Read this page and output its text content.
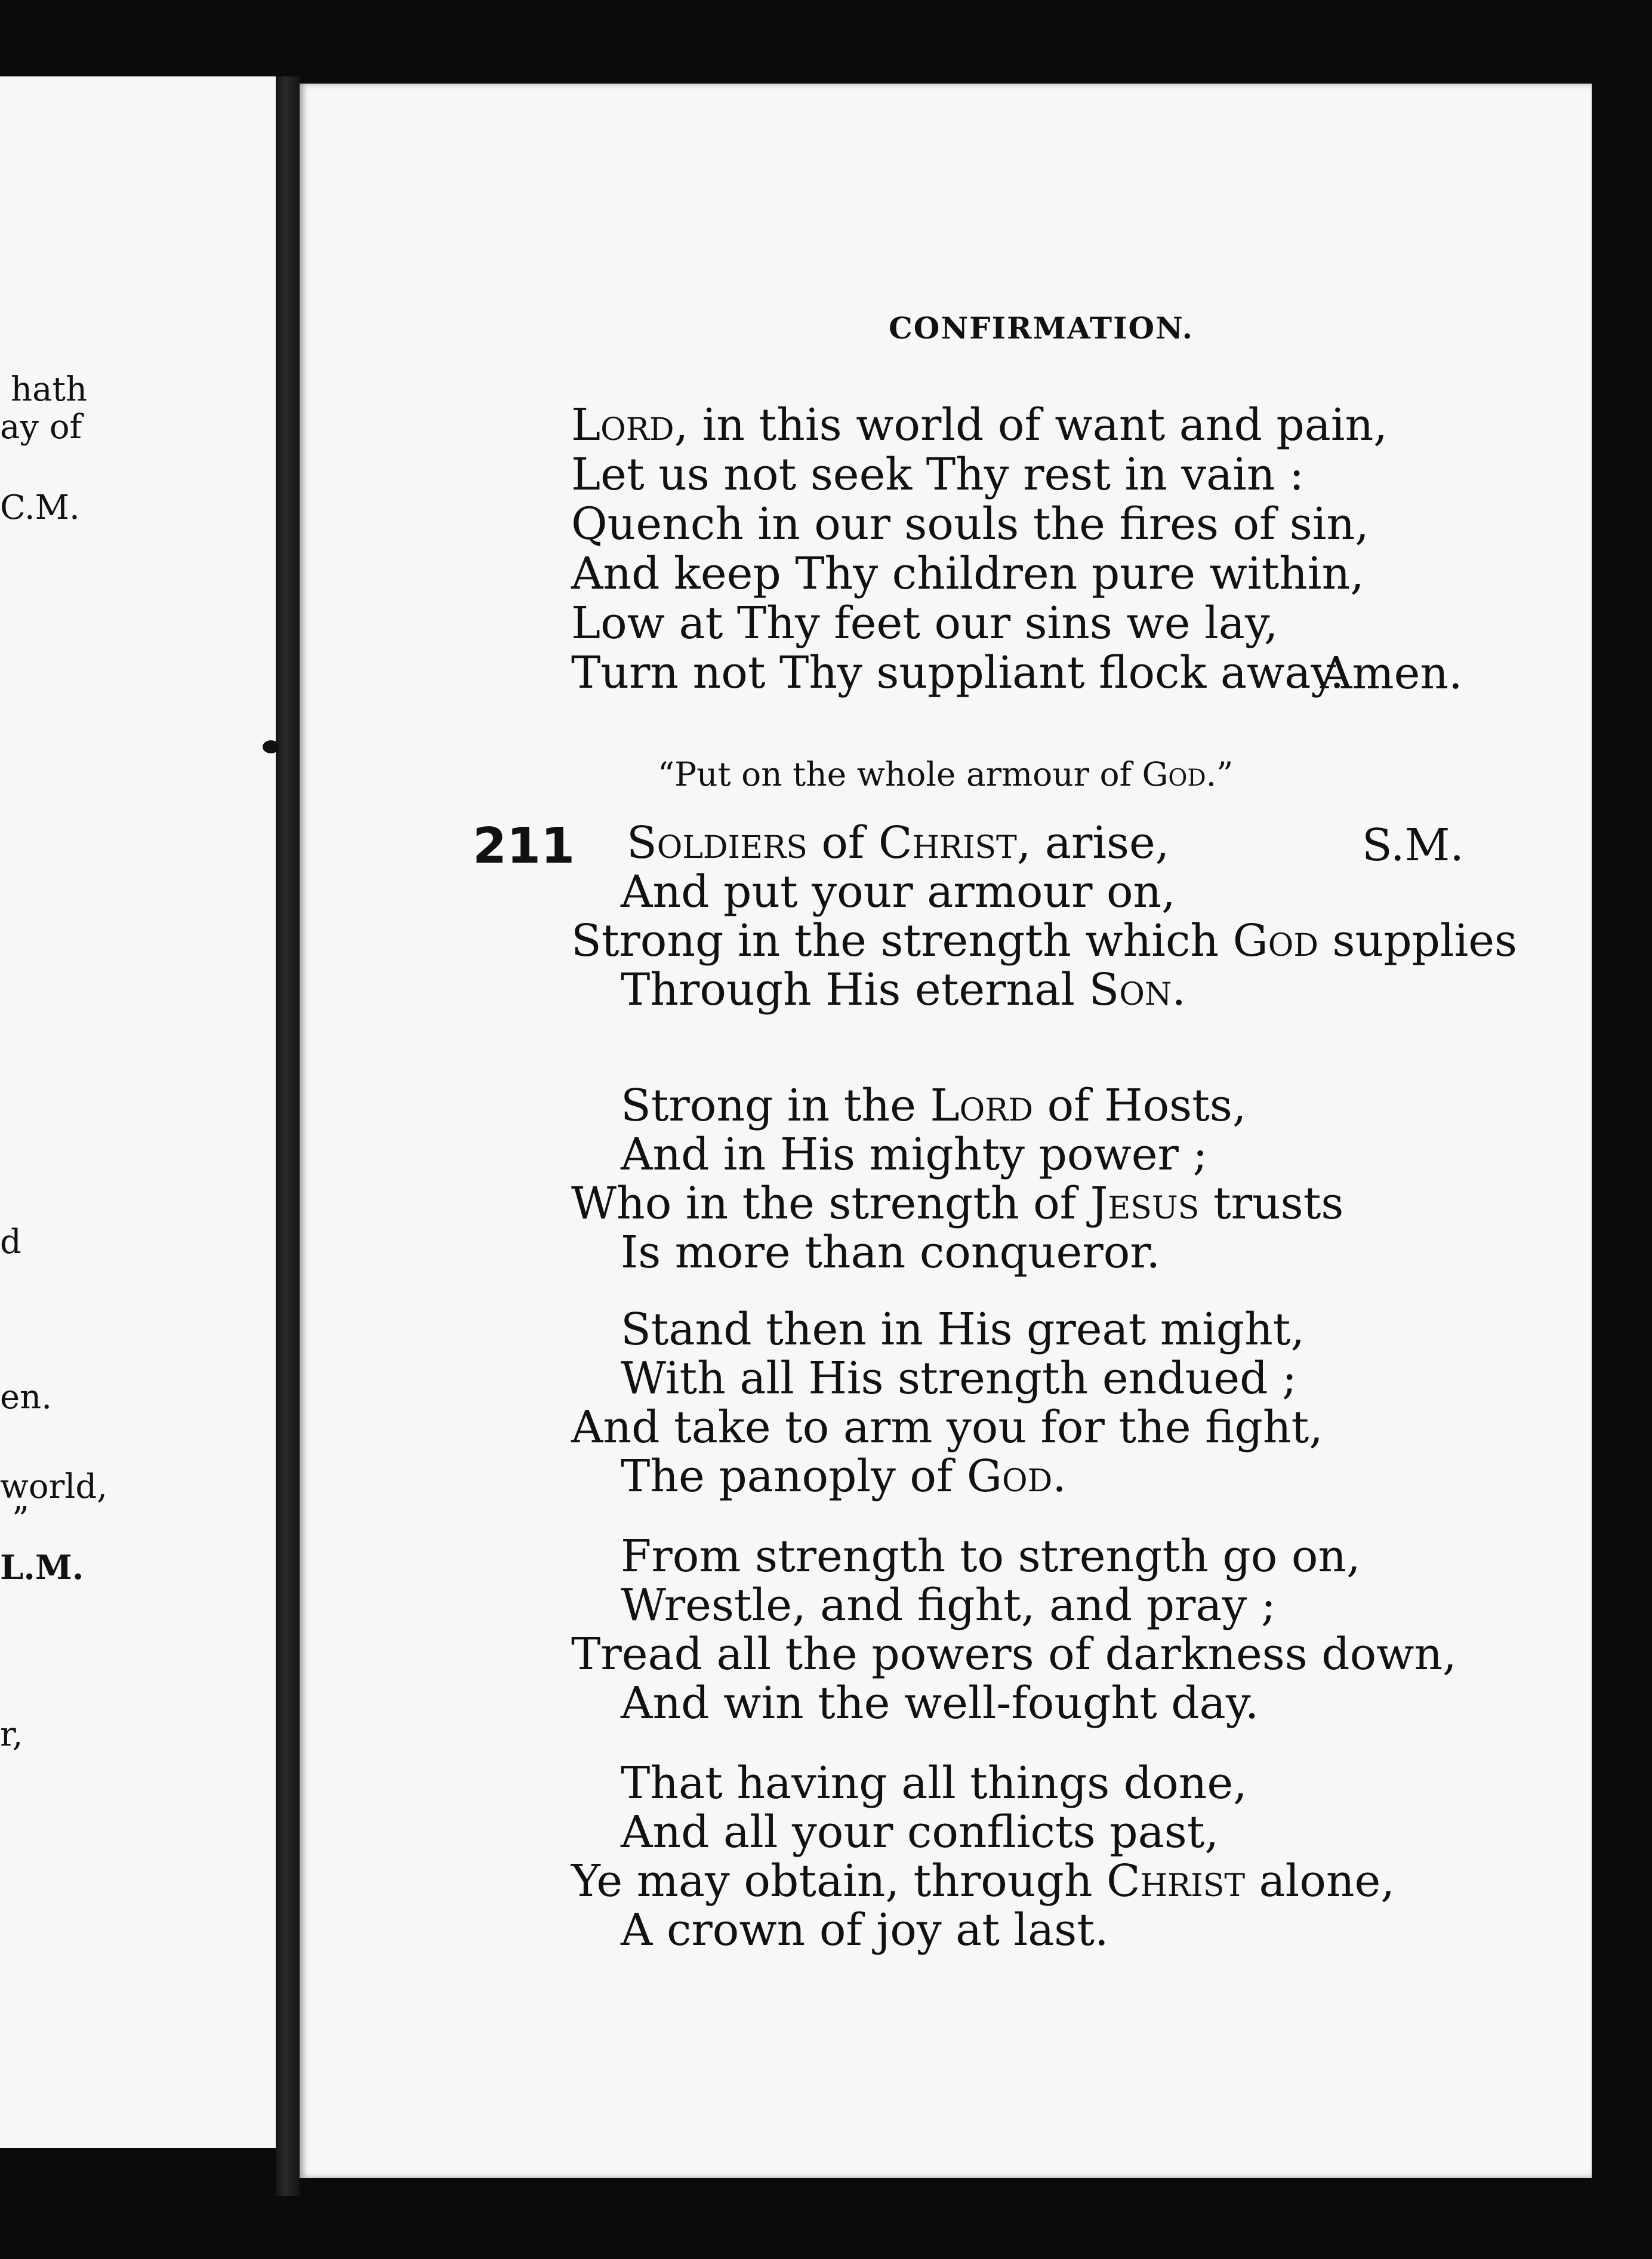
hath
ay of
C.M.
d
en.
world,
”
L.M.
r,
CONFIRMATION.
Lord, in this world of want and pain,
Let us not seek Thy rest in vain :
Quench in our souls the fires of sin,
And keep Thy children pure within,
Low at Thy feet our sins we lay,
Turn not Thy suppliant flock away.
Amen.
“Put on the whole armour of God.”
211	S.M.
Soldiers of Christ, arise,
And put your armour on,
Strong in the strength which God supplies
Through His eternal Son.
Strong in the Lord of Hosts,
And in His mighty power ;
Who in the strength of Jesus trusts
Is more than conqueror.
Stand then in His great might,
With all His strength endued ;
And take to arm you for the fight,
The panoply of God.
From strength to strength go on,
Wrestle, and fight, and pray ;
Tread all the powers of darkness down,
And win the well-fought day.
That having all things done,
And all your conflicts past,
Ye may obtain, through Christ alone,
A crown of joy at last.
